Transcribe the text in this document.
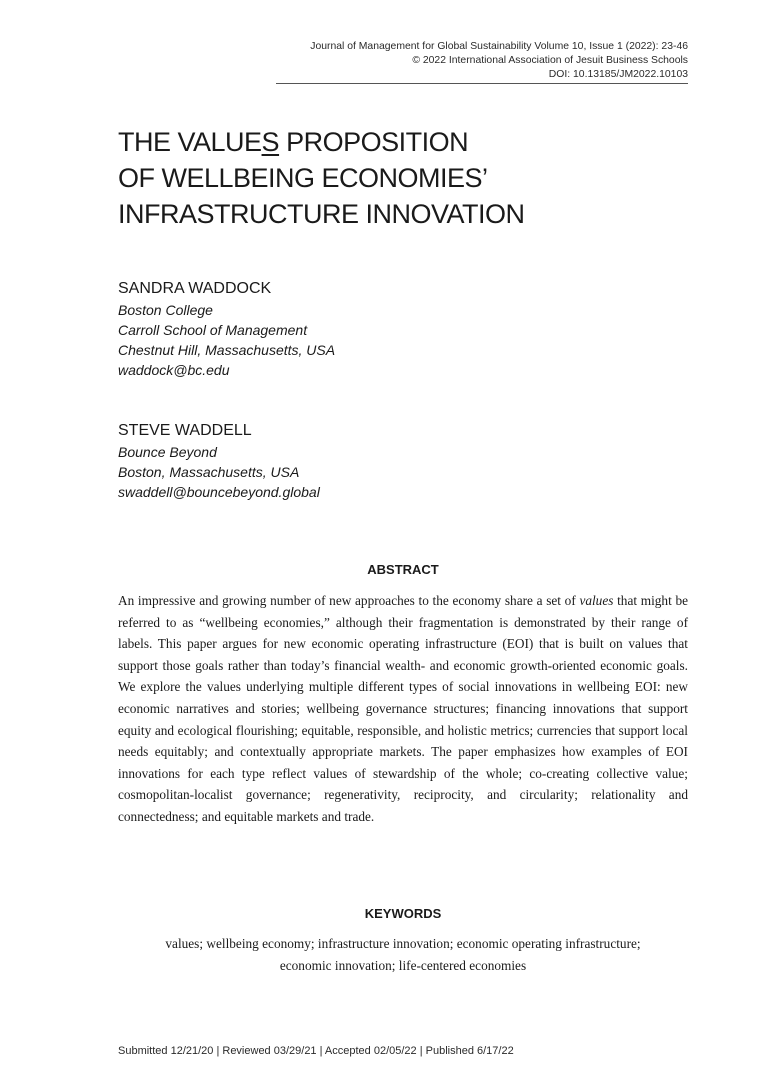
Journal of Management for Global Sustainability Volume 10, Issue 1 (2022): 23-46
© 2022 International Association of Jesuit Business Schools
DOI: 10.13185/JM2022.10103
THE VALUES PROPOSITION
OF WELLBEING ECONOMIES’
INFRASTRUCTURE INNOVATION
SANDRA WADDOCK
Boston College
Carroll School of Management
Chestnut Hill, Massachusetts, USA
waddock@bc.edu
STEVE WADDELL
Bounce Beyond
Boston, Massachusetts, USA
swaddell@bouncebeyond.global
ABSTRACT

An impressive and growing number of new approaches to the economy share a set of values that might be referred to as “wellbeing economies,” although their fragmentation is demonstrated by their range of labels. This paper argues for new economic operating infrastructure (EOI) that is built on values that support those goals rather than today’s financial wealth- and economic growth-oriented economic goals. We explore the values underlying multiple different types of social innovations in wellbeing EOI: new economic narratives and stories; wellbeing governance structures; financing innovations that support equity and ecological flourishing; equitable, responsible, and holistic metrics; currencies that support local needs equitably; and contextually appropriate markets. The paper emphasizes how examples of EOI innovations for each type reflect values of stewardship of the whole; co-creating collective value; cosmopolitan-localist governance; regenerativity, reciprocity, and circularity; relationality and connectedness; and equitable markets and trade.

KEYWORDS

values; wellbeing economy; infrastructure innovation; economic operating infrastructure;
economic innovation; life-centered economies

Submitted 12/21/20 | Reviewed 03/29/21 | Accepted 02/05/22 | Published 6/17/22
